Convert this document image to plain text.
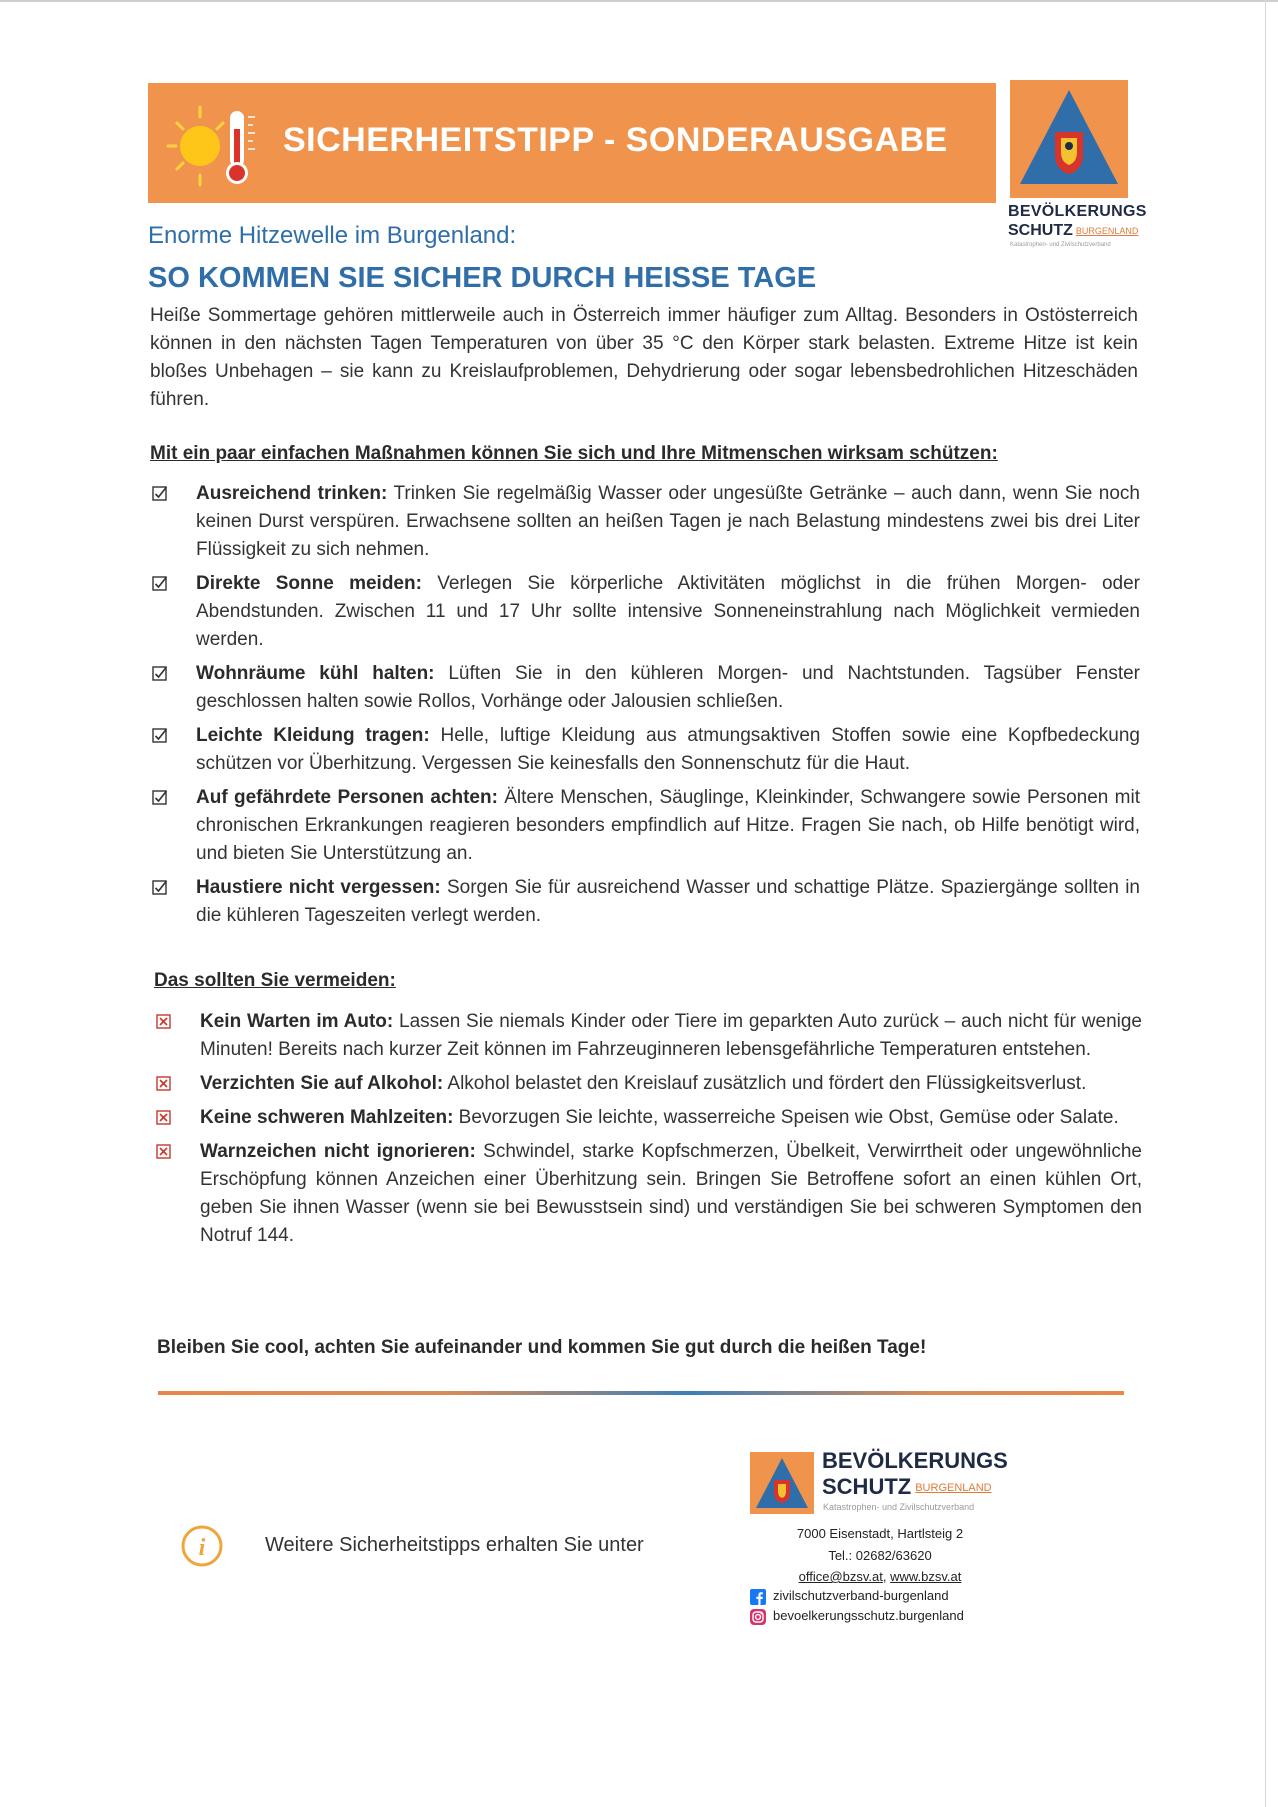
SICHERHEITSTIPP - SONDERAUSGABE
BEVÖLKERUNGS
SCHUTZ BURGENLAND
Katastrophen- und Zivilschutzverband
Enorme Hitzewelle im Burgenland:
SO KOMMEN SIE SICHER DURCH HEISSE TAGE
Heiße Sommertage gehören mittlerweile auch in Österreich immer häufiger zum Alltag. Besonders in Ostösterreich können in den nächsten Tagen Temperaturen von über 35 °C den Körper stark belasten. Extreme Hitze ist kein bloßes Unbehagen – sie kann zu Kreislaufproblemen, Dehydrierung oder sogar lebensbedrohlichen Hitzeschäden führen.
Mit ein paar einfachen Maßnahmen können Sie sich und Ihre Mitmenschen wirksam schützen:
Ausreichend trinken: Trinken Sie regelmäßig Wasser oder ungesüßte Getränke – auch dann, wenn Sie noch keinen Durst verspüren. Erwachsene sollten an heißen Tagen je nach Belastung mindestens zwei bis drei Liter Flüssigkeit zu sich nehmen.
Direkte Sonne meiden: Verlegen Sie körperliche Aktivitäten möglichst in die frühen Morgen- oder Abendstunden. Zwischen 11 und 17 Uhr sollte intensive Sonneneinstrahlung nach Möglichkeit vermieden werden.
Wohnräume kühl halten: Lüften Sie in den kühleren Morgen- und Nachtstunden. Tagsüber Fenster geschlossen halten sowie Rollos, Vorhänge oder Jalousien schließen.
Leichte Kleidung tragen: Helle, luftige Kleidung aus atmungsaktiven Stoffen sowie eine Kopfbedeckung schützen vor Überhitzung. Vergessen Sie keinesfalls den Sonnenschutz für die Haut.
Auf gefährdete Personen achten: Ältere Menschen, Säuglinge, Kleinkinder, Schwangere sowie Personen mit chronischen Erkrankungen reagieren besonders empfindlich auf Hitze. Fragen Sie nach, ob Hilfe benötigt wird, und bieten Sie Unterstützung an.
Haustiere nicht vergessen: Sorgen Sie für ausreichend Wasser und schattige Plätze. Spaziergänge sollten in die kühleren Tageszeiten verlegt werden.
Das sollten Sie vermeiden:
Kein Warten im Auto: Lassen Sie niemals Kinder oder Tiere im geparkten Auto zurück – auch nicht für wenige Minuten! Bereits nach kurzer Zeit können im Fahrzeuginneren lebensgefährliche Temperaturen entstehen.
Verzichten Sie auf Alkohol: Alkohol belastet den Kreislauf zusätzlich und fördert den Flüssigkeitsverlust.
Keine schweren Mahlzeiten: Bevorzugen Sie leichte, wasserreiche Speisen wie Obst, Gemüse oder Salate.
Warnzeichen nicht ignorieren: Schwindel, starke Kopfschmerzen, Übelkeit, Verwirrtheit oder ungewöhnliche Erschöpfung können Anzeichen einer Überhitzung sein. Bringen Sie Betroffene sofort an einen kühlen Ort, geben Sie ihnen Wasser (wenn sie bei Bewusstsein sind) und verständigen Sie bei schweren Symptomen den Notruf 144.
Bleiben Sie cool, achten Sie aufeinander und kommen Sie gut durch die heißen Tage!
i	Weitere Sicherheitstipps erhalten Sie unter
BEVÖLKERUNGS
SCHUTZ BURGENLAND
Katastrophen- und Zivilschutzverband
7000 Eisenstadt, Hartlsteig 2
Tel.: 02682/63620
office@bzsv.at, www.bzsv.at
zivilschutzverband-burgenland
bevoelkerungsschutz.burgenland
